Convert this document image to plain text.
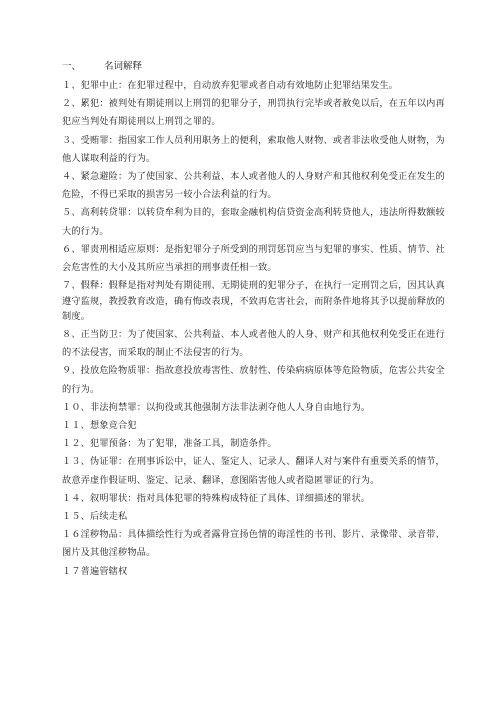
一、 名词解释

１、犯罪中止：在犯罪过程中，自动放弃犯罪或者自动有效地防止犯罪结果发生。

２、累犯：被判处有期徒刑以上刑罚的犯罪分子，刑罚执行完毕或者赦免以后，在五年以内再犯应当判处有期徒刑以上刑罚之罪的。

３、受贿罪：指国家工作人员利用职务上的便利，索取他人财物、或者非法收受他人财物，为他人谋取利益的行为。

４、紧急避险：为了使国家、公共利益、本人或者他人的人身财产和其他权利免受正在发生的危险，不得已采取的损害另一较小合法利益的行为。

５、高利转贷罪：以转贷牟利为目的，套取金融机构信贷资金高利转贷他人，违法所得数额较大的行为。

６、罪责刑相适应原则：是指犯罪分子所受到的刑罚惩罚应当与犯罪的事实、性质、情节、社会危害性的大小及其所应当承担的刑事责任相一致。

７、假释：假释是指对判处有期徒刑、无期徒刑的犯罪分子，在执行一定刑罚之后，因其认真遵守监规，教授教育改造，确有悔改表现，不致再危害社会，而附条件地将其予以提前释放的制度。

８、正当防卫：为了使国家、公共利益、本人或者他人的人身、财产和其他权利免受正在进行的不法侵害，而采取的制止不法侵害的行为。

９、投放危险物质罪：指故意投放毒害性、放射性、传染病病原体等危险物质，危害公共安全的行为。

１０、非法拘禁罪：以拘役或其他强制方法非法剥夺他人人身自由地行为。

１１、想象竞合犯

１２、犯罪预备：为了犯罪，准备工具，制造条件。

１３、伪证罪：在刑事诉讼中，证人、鉴定人、记录人、翻译人对与案件有重要关系的情节，故意弄虚作假证明、鉴定、记录、翻译，意图陷害他人或者隐匿罪证的行为。

１４、叙明罪状：指对具体犯罪的特殊构成特征了具体、详细描述的罪状。

１５、后续走私

１６淫秽物品：具体描绘性行为或者露骨宣扬色情的诲淫性的书刊、影片、录像带、录音带、图片及其他淫秽物品。

１７普遍管辖权
